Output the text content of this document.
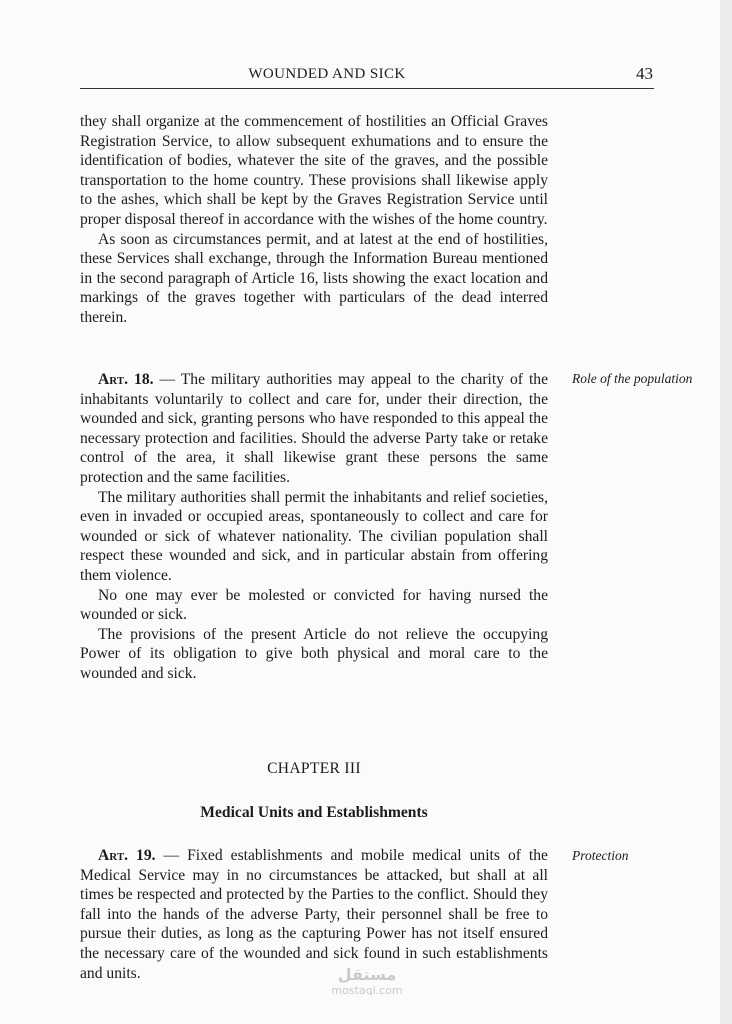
WOUNDED AND SICK	43

they shall organize at the commencement of hostilities an Official Graves Registration Service, to allow subsequent exhumations and to ensure the identification of bodies, whatever the site of the graves, and the possible transportation to the home country. These provisions shall likewise apply to the ashes, which shall be kept by the Graves Registration Service until proper disposal thereof in accordance with the wishes of the home country.

As soon as circumstances permit, and at latest at the end of hostilities, these Services shall exchange, through the Information Bureau mentioned in the second paragraph of Article 16, lists showing the exact location and markings of the graves together with particulars of the dead interred therein.

Art. 18. — The military authorities may appeal to the charity of the inhabitants voluntarily to collect and care for, under their direction, the wounded and sick, granting persons who have responded to this appeal the necessary protection and facilities. Should the adverse Party take or retake control of the area, it shall likewise grant these persons the same protection and the same facilities.

The military authorities shall permit the inhabitants and relief societies, even in invaded or occupied areas, spontaneously to collect and care for wounded or sick of whatever nationality. The civilian population shall respect these wounded and sick, and in particular abstain from offering them violence.

No one may ever be molested or convicted for having nursed the wounded or sick.

The provisions of the present Article do not relieve the occupying Power of its obligation to give both physical and moral care to the wounded and sick.

Role of the population
CHAPTER III
Medical Units and Establishments

Art. 19. — Fixed establishments and mobile medical units of the Medical Service may in no circumstances be attacked, but shall at all times be respected and protected by the Parties to the conflict. Should they fall into the hands of the adverse Party, their personnel shall be free to pursue their duties, as long as the capturing Power has not itself ensured the necessary care of the wounded and sick found in such establishments and units.

Protection
مستقل
mostaql.com
